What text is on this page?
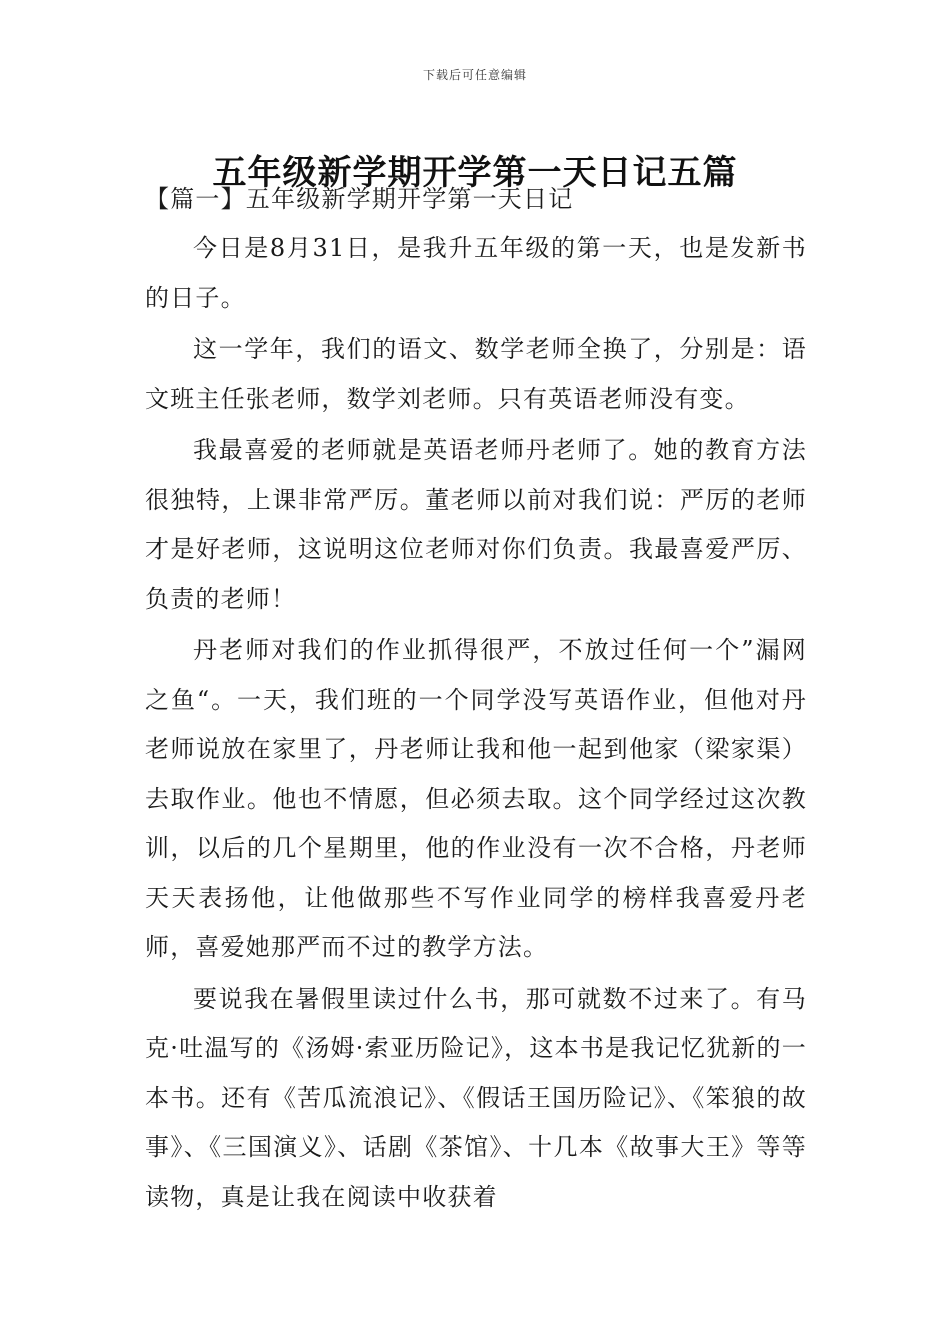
下载后可任意编辑
五年级新学期开学第一天日记五篇
【篇一】五年级新学期开学第一天日记

今日是8月31日，是我升五年级的第一天，也是发新书的日子。

这一学年，我们的语文、数学老师全换了，分别是：语文班主任张老师，数学刘老师。只有英语老师没有变。

我最喜爱的老师就是英语老师丹老师了。她的教育方法很独特，上课非常严厉。董老师以前对我们说：严厉的老师才是好老师，这说明这位老师对你们负责。我最喜爱严厉、负责的老师！

丹老师对我们的作业抓得很严，不放过任何一个”漏网之鱼“。一天，我们班的一个同学没写英语作业，但他对丹老师说放在家里了，丹老师让我和他一起到他家（梁家渠）去取作业。他也不情愿，但必须去取。这个同学经过这次教训，以后的几个星期里，他的作业没有一次不合格，丹老师天天表扬他，让他做那些不写作业同学的榜样我喜爱丹老师，喜爱她那严而不过的教学方法。

要说我在暑假里读过什么书，那可就数不过来了。有马克·吐温写的《汤姆·索亚历险记》，这本书是我记忆犹新的一本书。还有《苦瓜流浪记》、《假话王国历险记》、《笨狼的故事》、《三国演义》、话剧《茶馆》、十几本《故事大王》等等读物，真是让我在阅读中收获着
